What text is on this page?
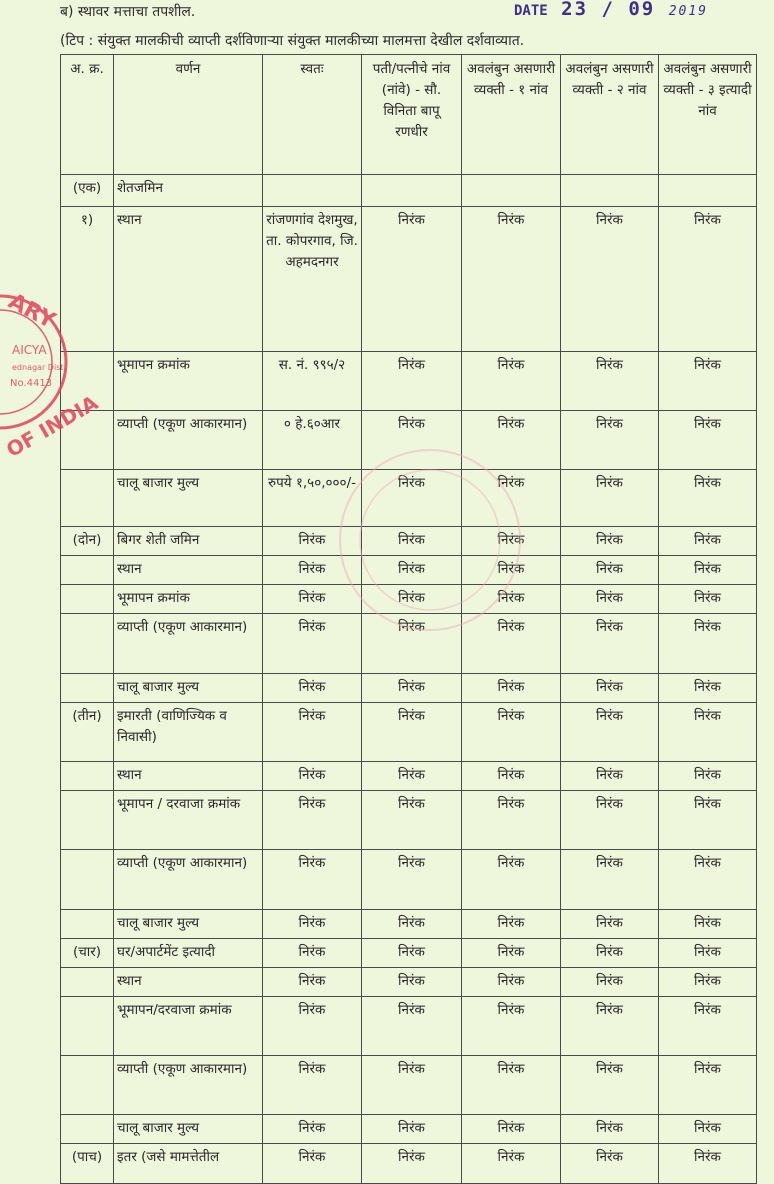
ब) स्थावर मत्ताचा तपशील.
(टिप : संयुक्त मालकीची व्याप्ती दर्शविणाऱ्या संयुक्त मालकीच्या मालमत्ता देखील दर्शवाव्यात.
DATE 23 / 09 2019
अ. क्र.	वर्णन	स्वतः	पती/पत्नीचे नांव (नांवे) - सौ. विनिता बापू रणधीर	अवलंबुन असणारी व्यक्ती - १ नांव	अवलंबुन असणारी व्यक्ती - २ नांव	अवलंबुन असणारी व्यक्ती - ३ इत्यादी नांव
(एक)	शेतजमिन					
१)	स्थान	रांजणगांव देशमुख, ता. कोपरगाव, जि. अहमदनगर	निरंक	निरंक	निरंक	निरंक
	भूमापन क्रमांक	स. नं. ९९५/२	निरंक	निरंक	निरंक	निरंक
	व्याप्ती (एकूण आकारमान)	० हे.६०आर	निरंक	निरंक	निरंक	निरंक
	चालू बाजार मुल्य	रुपये १,५०,०००/-	निरंक	निरंक	निरंक	निरंक
(दोन)	बिगर शेती जमिन	निरंक	निरंक	निरंक	निरंक	निरंक
	स्थान	निरंक	निरंक	निरंक	निरंक	निरंक
	भूमापन क्रमांक	निरंक	निरंक	निरंक	निरंक	निरंक
	व्याप्ती (एकूण आकारमान)	निरंक	निरंक	निरंक	निरंक	निरंक
	चालू बाजार मुल्य	निरंक	निरंक	निरंक	निरंक	निरंक
(तीन)	इमारती (वाणिज्यिक व निवासी)	निरंक	निरंक	निरंक	निरंक	निरंक
	स्थान	निरंक	निरंक	निरंक	निरंक	निरंक
	भूमापन / दरवाजा क्रमांक	निरंक	निरंक	निरंक	निरंक	निरंक
	व्याप्ती (एकूण आकारमान)	निरंक	निरंक	निरंक	निरंक	निरंक
	चालू बाजार मुल्य	निरंक	निरंक	निरंक	निरंक	निरंक
(चार)	घर/अपार्टमेंट इत्यादी	निरंक	निरंक	निरंक	निरंक	निरंक
	स्थान	निरंक	निरंक	निरंक	निरंक	निरंक
	भूमापन/दरवाजा क्रमांक	निरंक	निरंक	निरंक	निरंक	निरंक
	व्याप्ती (एकूण आकारमान)	निरंक	निरंक	निरंक	निरंक	निरंक
	चालू बाजार मुल्य	निरंक	निरंक	निरंक	निरंक	निरंक
(पाच)	इतर (जसे मामत्तेतील	निरंक	निरंक	निरंक	निरंक	निरंक
ARY
AICYA
ednagar Dist
No.4413
OF INDIA
